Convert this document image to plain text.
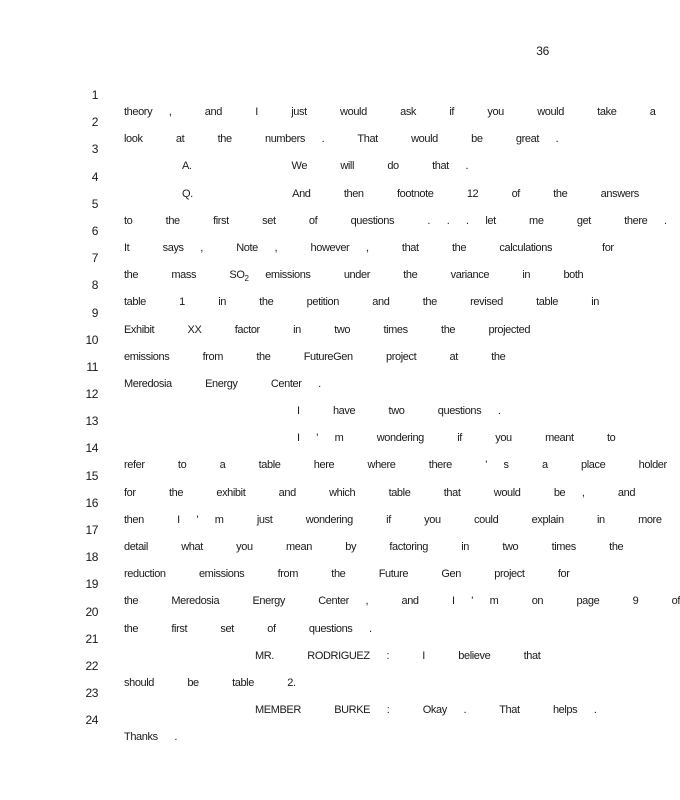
36

1

theory ,  and  I  just  would  ask  if  you  would  take  a

2

look  at  the  numbers .  That  would  be  great .

3

A.      We  will  do  that .

4

Q.      And  then  footnote  12  of  the  answers

5

to  the  first  set  of  questions  . . . let  me  get  there .

6

It  says ,  Note ,  however ,  that  the  calculations   for

7

the  mass  $SO_2$ emissions  under  the  variance  in  both

8

table  1  in  the  petition  and  the  revised  table  in

9

Exhibit  XX  factor  in  two  times  the  projected

10

emissions  from  the  FutureGen  project  at  the

11

Meredosia  Energy  Center .

12

I  have  two  questions .

13

I ' m  wondering  if  you  meant  to

14

refer  to  a  table  here  where  there  ' s  a  place  holder

15

for  the  exhibit  and  which  table  that  would  be ,  and

16

then  I ' m  just  wondering  if  you  could  explain  in  more

17

detail  what  you  mean  by  factoring  in  two  times  the

18

reduction  emissions  from  the  Future  Gen  project  for

19

the  Meredosia  Energy  Center ,  and  I ' m  on  page  9  of

20

the  first  set  of  questions .

21

MR.  RODRIGUEZ :  I  believe  that

22

should  be  table  2.

23

MEMBER  BURKE :  Okay .  That  helps .

24

Thanks .
